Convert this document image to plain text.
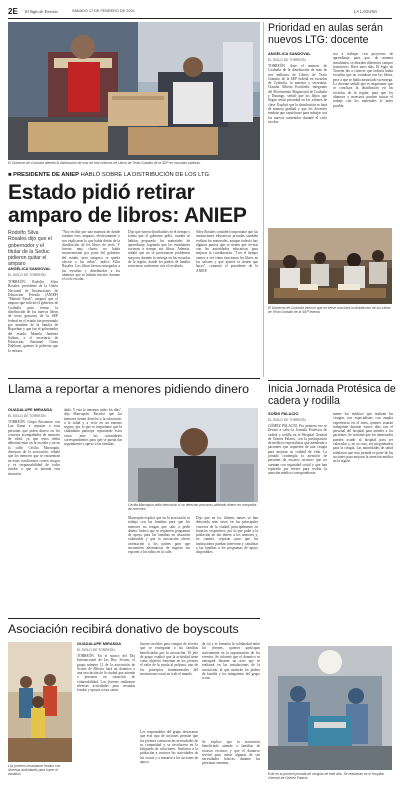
2E El Siglo de Torreón	SÁBADO 17 DE FEBRERO DE 2024	LA LAGUNA
El Gobierno de Coahuila atendió la distribución de más de tres millones de Libros de Texto Gratuito de la SEP en escuelas públicas.
■ PRESIDENTE DE ANIEP HABLÓ SOBRE LA DISTRIBUCIÓN DE LOS LTG
Estado pidió retirar amparo de libros: ANIEP
Rodolfo Silva Rosales dijo que el gobernador y el titular de la Seduc pidieron quitar el amparo
ANGÉLICA SANDOVAL
EL SIGLO DE TORREÓN
TORREÓN. Rodolfo Silva Rosales, presidente de la Unión Nacional de Instituciones de Educación Privada (ANIEP) "Manuel Farah", aseguró que el amparo que solicitó el gobierno de Coahuila para frenar la distribución de los nuevos libros de texto gratuitos de la SEP federal en el estado fue presentado por mandato de la familia de Riquelme y que fue el gobernador del estado, Manolo Jiménez Salinas, y el secretario de Educación, Emanuel Garza Fishburn, quienes le pidieron que lo retirara.
"Nos recibió por una muestra de donde estaban esos amparos efectivamente y nos explicaron lo que había detrás de la distribución de los libros de texto. Y fueron muy claros: no había inconveniente por parte del gobierno del estado, pero tampoco se quería afectar a los niños", indicó Silva Rosales. Los libros fueron entregados a las escuelas y distribuidos a los alumnos que se habían inscrito durante el ciclo escolar.
Dijo que fueron distribuidos en el tiempo y forma que el gobierno pidió, cuando se habían preparado los materiales de aprendizaje, logrando que los estudiantes tuvieran a tiempo sus libros. Además, señaló que no se presentaron problemas mayores durante la entrega en las escuelas de la región, donde los padres de familia estuvieron conformes con el resultado.
Silva Rosales consideró importante que las instituciones educativas privadas también reciban los materiales, aunque todavía hay algunos puntos que se tienen que revisar con las autoridades educativas para mejorar la coordinación. "Con el tiempo vamos a ver cómo funcionan los libros en los salones y qué ajustes se tienen que hacer", comentó el presidente de la ANIEP.
Prioridad en aulas serán nuevos LTG: docente
ANGÉLICA SANDOVAL
EL SIGLO DE TORREÓN
TORREÓN. Ante el anuncio de Coahuila de la distribución de más de tres millones de Libros de Texto Gratuito de la SEP federal en escuelas de Coahuila, la maestra y secretaria, Claudia Alberto Escobedo, integrante del Movimiento Magisterial de Coahuila y Durango, señaló que los libros que llegan serán prioridad en los salones de clase. Explicó que la distribución se hará de manera gradual y que los docentes tendrán que capacitarse para trabajar con los nuevos contenidos durante el ciclo escolar.
sea a trabajar con proyectos de aprendizaje para que, de manera simultánea, se aborden diferentes campos formativos. Hace unos días, El Siglo de Torreón dio a conocer que todavía había escuelas que no contaban con los libros, pese a que se había anunciado su entrega. La docente señaló que es importante que se concluya la distribución en las escuelas de la región, para que los alumnos y maestros puedan iniciar el trabajo con los materiales lo antes posible.
El Gobierno de Coahuila informó que en breve concluirá la distribución de los Libros de Texto Gratuito de la SEP federal.
Inicia Jornada Protésica de cadera y rodilla
SOÑIS PALACIO
EL SIGLO DE TORREÓN
GÓMEZ PALACIO. Por primera vez se llevará a cabo la Jornada Protésica de cadera y rodilla en el Hospital General de Gómez Palacio, con la participación de médicos especialistas que atenderán a pacientes que requieren de una cirugía para mejorar su calidad de vida. La jornada contempla la atención de personas de escasos recursos que no cuentan con seguridad social y que han esperado por meses para recibir la atención médica correspondiente.
mente los médicos que realizan las cirugías son especialistas con amplia experiencia en el tema, quienes estarán trabajando durante varios días con el personal del hospital para atender a los pacientes. Se informó que los interesados pueden acudir al hospital para ser valorados y, en su caso, ser programados para la cirugía. Las autoridades de salud señalaron que esta jornada es parte de las acciones para mejorar la atención médica en la región.
Este es la primera jornada de cirugías de este año. Se realizarán en el Hospital General de Gómez Palacio.
Llama a reportar a menores pidiendo dinero
GUADALUPE MIRANDA
EL SIGLO DE TORREÓN
TORREÓN. Grupo Encuentro con Luz llama a reportar a esas personas que piden dinero en los cruceros acompañados de menores de edad, ya que estos niños deberían estar en la escuela y no en la calle. Cecilia Marroquín, directora de la asociación, señaló que los menores que se encuentran en estas condiciones corren riesgos y es responsabilidad de todos ayudar a que se atienda esta situación.
dado. Y esto lo tenemos todos los días", dijo Marroquín. Recalcó que los menores tienen derecho a la educación, a la salud y a vivir en un entorno seguro, por lo que es importante que la ciudadanía participe reportando estos casos ante las autoridades correspondientes para que se pueda dar seguimiento y apoyo a las familias.
Cecilia Marroquín pidió denunciar si se detectan personas pidiendo dinero en compañía de menores.
Marroquín explicó que en la asociación se trabaja con las familias para que los menores no tengan que salir a pedir dinero. Indicó que se requieren programas de apoyo para las familias en situación vulnerable y que la asociación ofrece orientación a los padres para que encuentren alternativas de ingreso sin exponer a los niños en la calle.
Dijo que en los últimos meses se han detectado más casos en los principales cruceros de la ciudad, principalmente en horarios vespertinos, por lo que pidió a la población no dar dinero a los menores y, en cambio, reportar para que las instituciones puedan intervenir y canalizar a las familias a los programas de apoyo disponibles.
Asociación recibirá donativo de boyscouts
Los jóvenes recaudaron fondos con diversas actividades para hacer el donativo.
GUADALUPE MIRANDA
EL SIGLO DE TORREÓN
TORREÓN. En el marco del Día Internacional de los Boy Scouts, el grupo número 11 de la asociación de Scouts de México hará un donativo a una asociación de la ciudad que atiende a personas en situación de vulnerabilidad. Los jóvenes realizaron diversas actividades para recaudar fondos y apoyar a esta causa.
fueron servidos para compra de víveres que se entregarán a las familias beneficiadas por la asociación. El jefe de grupo explicó que la actividad tiene como objetivo fomentar en los jóvenes el valor de la ayuda al prójimo, uno de los principios fundamentales del movimiento scout en todo el mundo.
de rol y se fomenta la solidaridad entre los jóvenes, quienes participan activamente en la organización de los eventos. Se informó que el donativo se entregará durante un acto que se realizará en las instalaciones de la asociación, al que asistirán los padres de familia y los integrantes del grupo scout.
Los responsables del grupo destacaron que este tipo de acciones permite que los jóvenes conozcan las necesidades de su comunidad y se involucren en la búsqueda de soluciones. Invitaron a la población a conocer las actividades de los scouts y a sumarse a las acciones de apoyo.
Se explicó que la asociación beneficiada atiende a familias de escasos recursos y que el donativo servirá para cubrir algunas de sus necesidades básicas durante las próximas semanas.
